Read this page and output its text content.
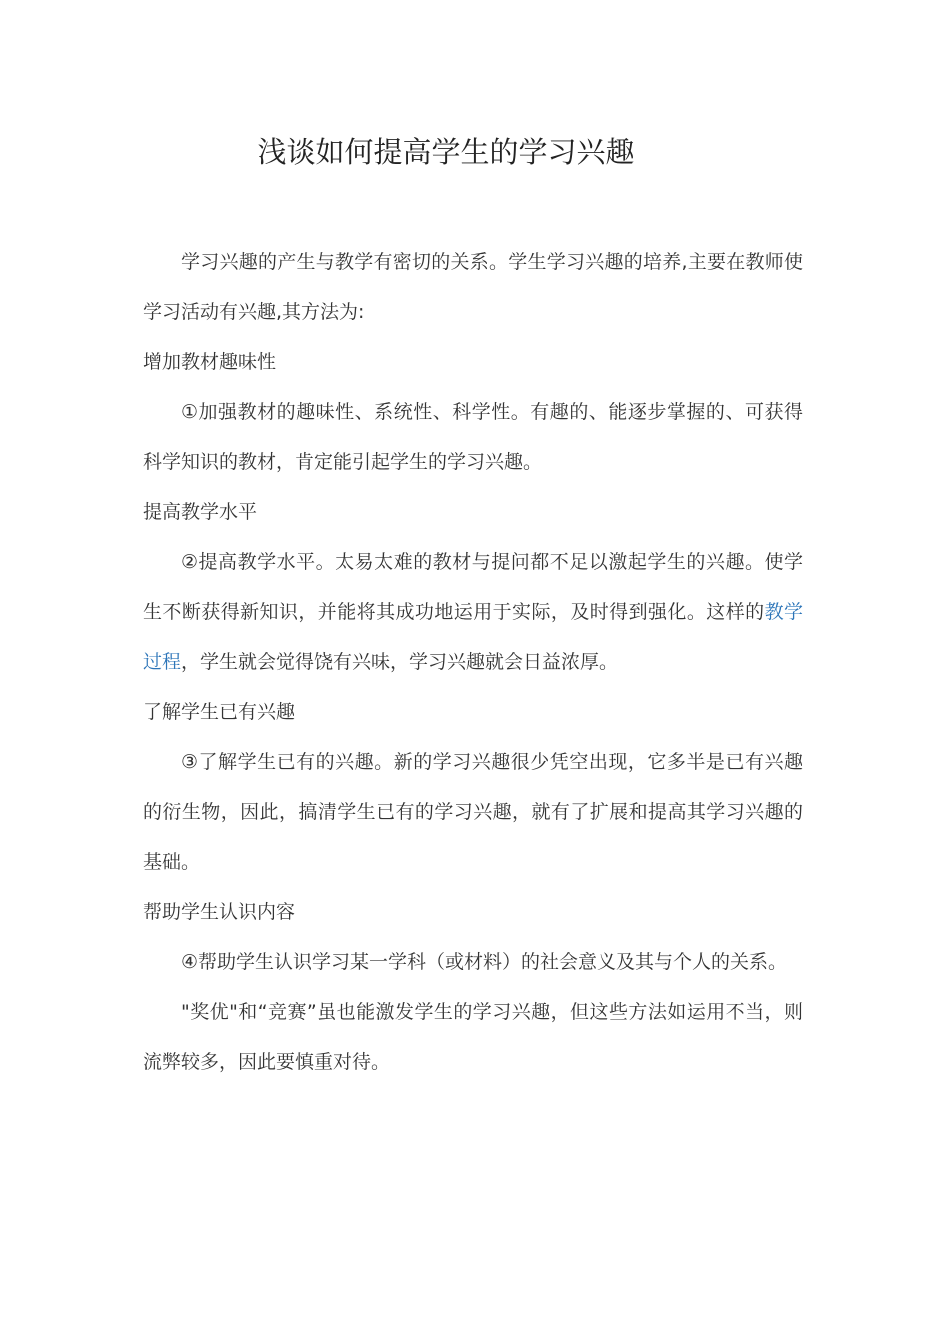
浅谈如何提高学生的学习兴趣

学习兴趣的产生与教学有密切的关系。学生学习兴趣的培养,主要在教师使学习活动有兴趣,其方法为:

增加教材趣味性

①加强教材的趣味性、系统性、科学性。有趣的、能逐步掌握的、可获得科学知识的教材，肯定能引起学生的学习兴趣。

提高教学水平

②提高教学水平。太易太难的教材与提问都不足以激起学生的兴趣。使学生不断获得新知识，并能将其成功地运用于实际，及时得到强化。这样的教学过程，学生就会觉得饶有兴味，学习兴趣就会日益浓厚。

了解学生已有兴趣

③了解学生已有的兴趣。新的学习兴趣很少凭空出现，它多半是已有兴趣的衍生物，因此，搞清学生已有的学习兴趣，就有了扩展和提高其学习兴趣的基础。

帮助学生认识内容

④帮助学生认识学习某一学科（或材料）的社会意义及其与个人的关系。

"奖优"和“竞赛”虽也能激发学生的学习兴趣，但这些方法如运用不当，则流弊较多，因此要慎重对待。
